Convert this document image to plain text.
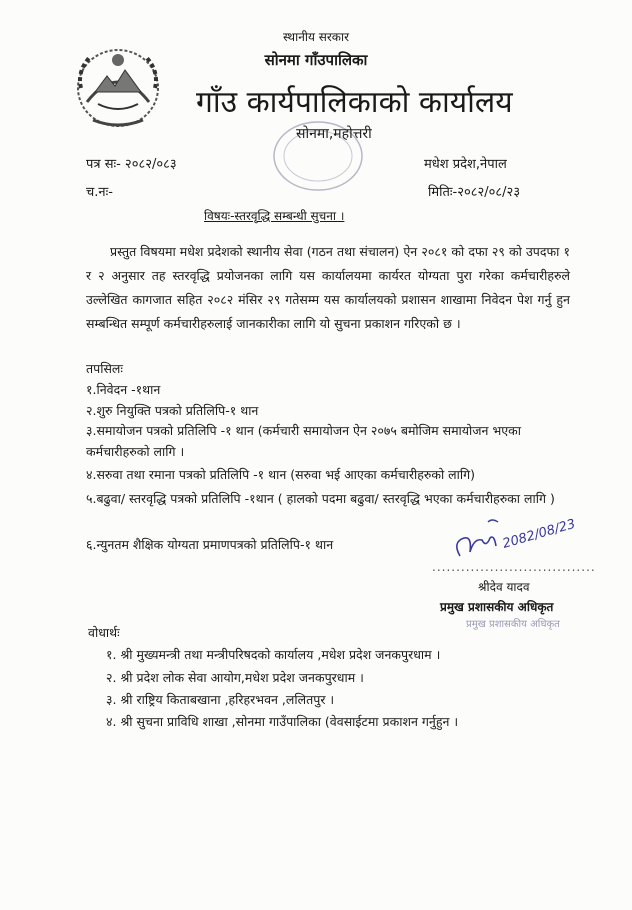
स्थानीय सरकार
सोनमा गाँउपालिका
गाँउ कार्यपालिकाको कार्यालय
सोनमा,महोत्तरी
पत्र सः- २०८२/०८३
च.नः-
मधेश प्रदेश,नेपाल
मितिः-२०८२/०८/२३
विषयः-स्तरवृद्धि सम्बन्धी सुचना ।
प्रस्तुत विषयमा मधेश प्रदेशको स्थानीय सेवा (गठन तथा संचालन) ऐन २०८१ को दफा २९ को उपदफा १ र २ अनुसार तह स्तरवृद्धि प्रयोजनका लागि यस कार्यालयमा कार्यरत योग्यता पुरा गरेका कर्मचारीहरुले उल्लेखित कागजात सहित २०८२ मंसिर २९ गतेसम्म यस कार्यालयको प्रशासन शाखामा निवेदन पेश गर्नु हुन सम्बन्धित सम्पूर्ण कर्मचारीहरुलाई जानकारीका लागि यो सुचना प्रकाशन गरिएको छ ।
तपसिलः
१.निवेदन -१थान
२.शुरु नियुक्ति पत्रको प्रतिलिपि-१ थान
३.समायोजन पत्रको प्रतिलिपि -१ थान (कर्मचारी समायोजन ऐन २०७५ बमोजिम समायोजन भएका कर्मचारीहरुको लागि ।
४.सरुवा तथा रमाना पत्रको प्रतिलिपि -१ थान (सरुवा भई आएका कर्मचारीहरुको लागि)
५.बढुवा/ स्तरवृद्धि पत्रको प्रतिलिपि -१थान ( हालको पदमा बढुवा/ स्तरवृद्धि भएका कर्मचारीहरुका लागि )
६.न्युनतम शैक्षिक योग्यता प्रमाणपत्रको प्रतिलिपि-१ थान	2082/08/23
..................................
श्रीदेव यादव
प्रमुख प्रशासकीय अधिकृत
प्रमुख प्रशासकीय अधिकृत
वोधार्थः
१. श्री मुख्यमन्त्री तथा मन्त्रीपरिषदको कार्यालय ,मधेश प्रदेश जनकपुरधाम ।
२. श्री प्रदेश लोक सेवा आयोग,मधेश प्रदेश जनकपुरधाम ।
३. श्री राष्ट्रिय किताबखाना ,हरिहरभवन ,ललितपुर ।
४. श्री सुचना प्राविधि शाखा ,सोनमा गाउँपालिका (वेवसाईटमा प्रकाशन गर्नुहुन ।
